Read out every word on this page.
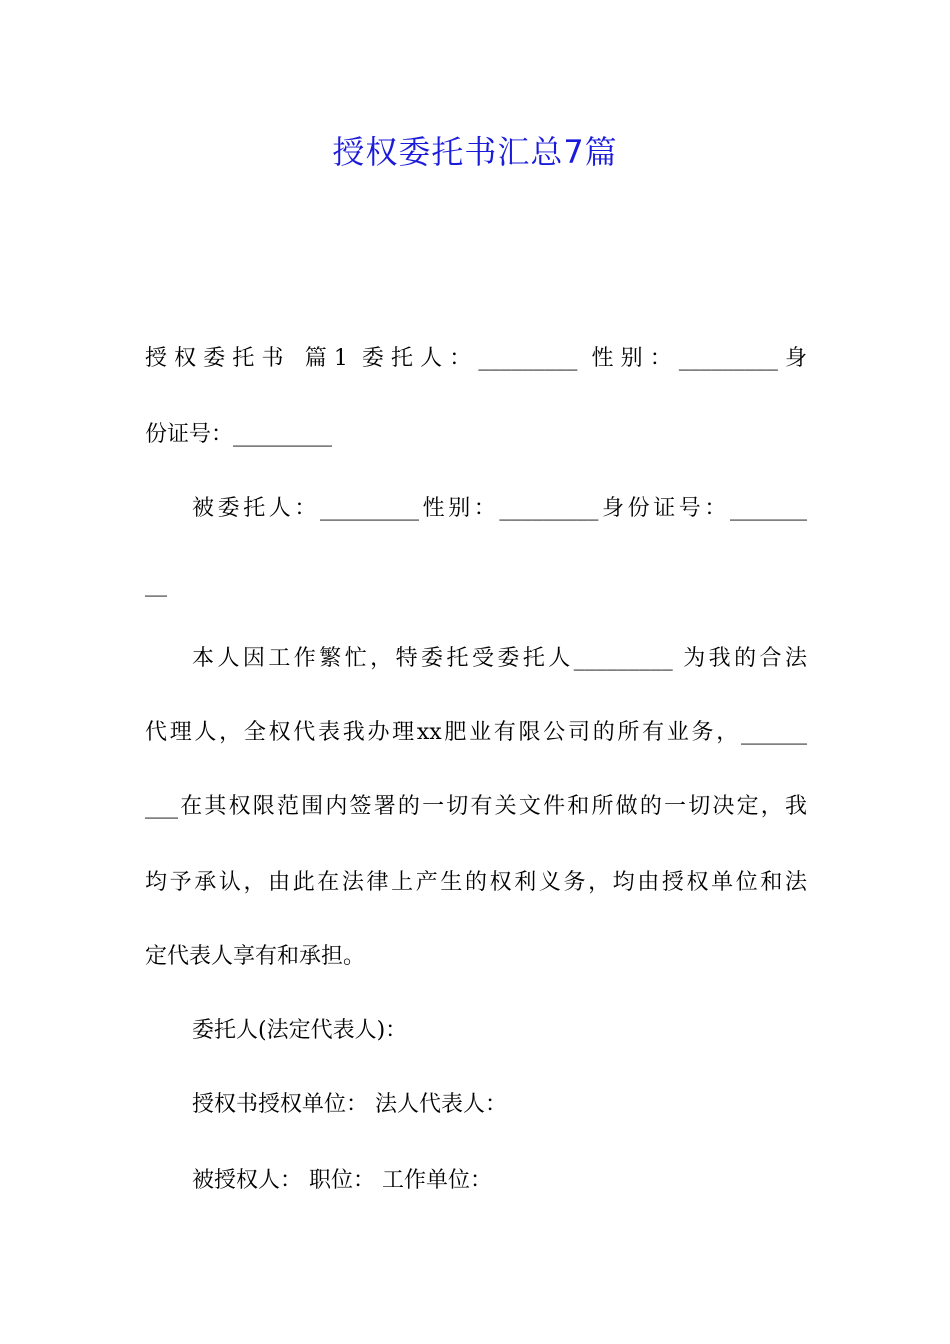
授权委托书汇总7篇
授权委托书 篇1 委托人：_________ 性别：_________身
份证号：_________
被委托人：_________性别：_________身份证号：_______
__
本人因工作繁忙，特委托受委托人_________ 为我的合法
代理人，全权代表我办理xx肥业有限公司的所有业务，______
___在其权限范围内签署的一切有关文件和所做的一切决定，我
均予承认，由此在法律上产生的权利义务，均由授权单位和法
定代表人享有和承担。
委托人(法定代表人)：
授权书授权单位： 法人代表人：
被授权人： 职位： 工作单位：
